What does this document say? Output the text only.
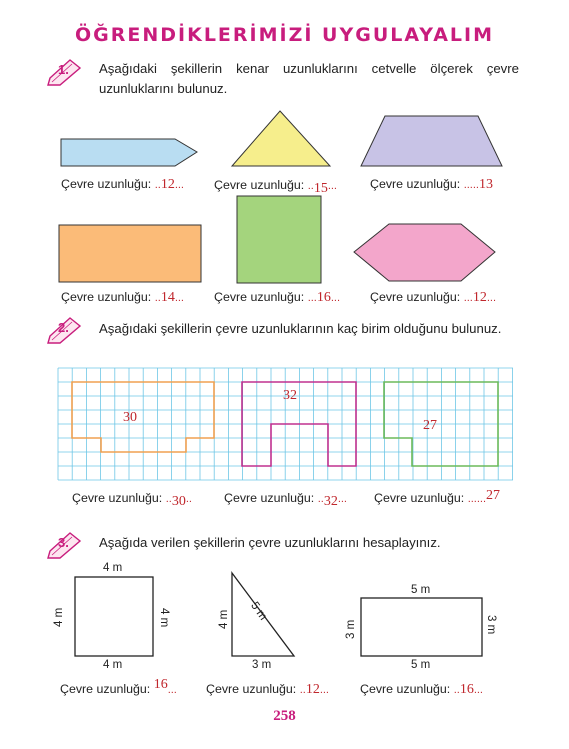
ÖĞRENDİKLERİMİZİ UYGULAYALIM
1. Aşağıdaki şekillerin kenar uzunluklarını cetvelle ölçerek çevre uzunluklarını bulunuz.
Çevre uzunluğu: ..12... Çevre uzunluğu: ..15...	Çevre uzunluğu: .....13
Çevre uzunluğu: ..14... Çevre uzunluğu: ...16... Çevre uzunluğu: ...12...
2. Aşağıdaki şekillerin çevre uzunluklarının kaç birim olduğunu bulunuz.
30
32
27
Çevre uzunluğu: ..30..	Çevre uzunluğu: ..32... Çevre uzunluğu: ......27
3. Aşağıda verilen şekillerin çevre uzunluklarını hesaplayınız.
4 m
4 m
4 m	4 m	4 m 5 m
3 m
5 m
5 m
3 m	3 m
Çevre uzunluğu: 16... Çevre uzunluğu: ..12...	Çevre uzunluğu: ..16...
258
